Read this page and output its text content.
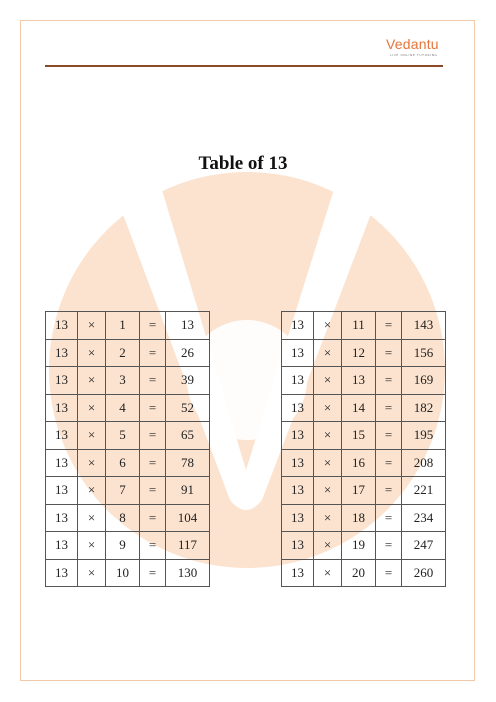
Vedantu
LIVE ONLINE TUTORING
Table of 13
13	×	1	=	13
13	×	2	=	26
13	×	3	=	39
13	×	4	=	52
13	×	5	=	65
13	×	6	=	78
13	×	7	=	91
13	×	8	=	104
13	×	9	=	117
13	×	10	=	130
13	×	11	=	143
13	×	12	=	156
13	×	13	=	169
13	×	14	=	182
13	×	15	=	195
13	×	16	=	208
13	×	17	=	221
13	×	18	=	234
13	×	19	=	247
13	×	20	=	260
